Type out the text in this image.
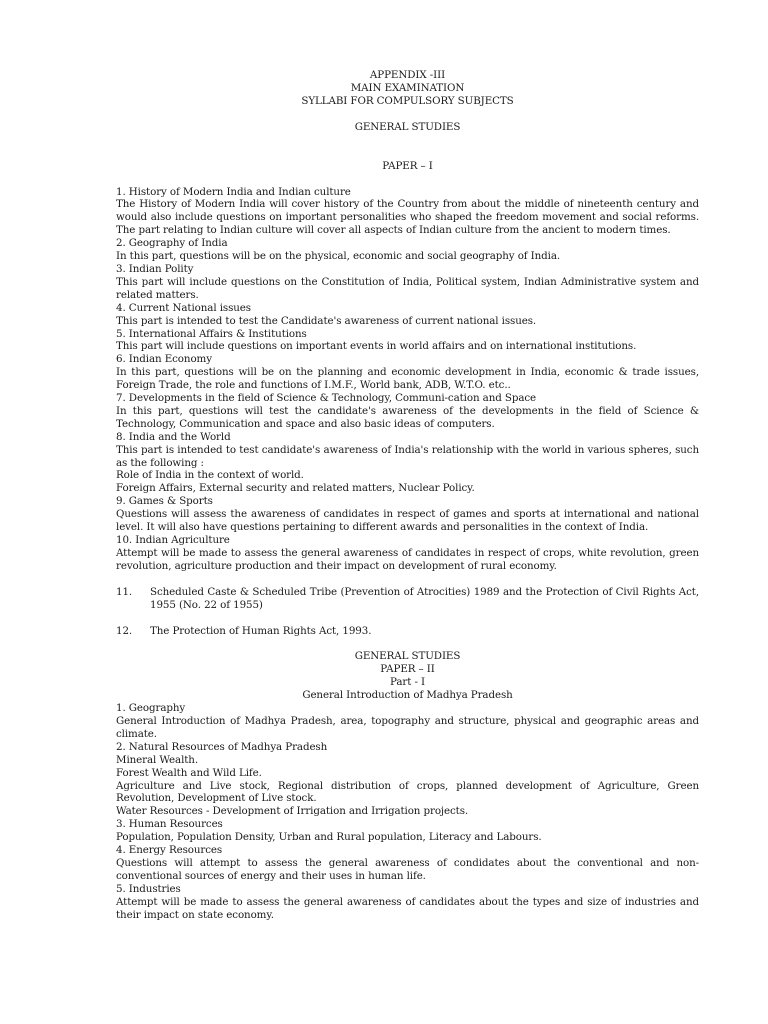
APPENDIX -III

MAIN EXAMINATION

SYLLABI FOR COMPULSORY SUBJECTS

GENERAL STUDIES

PAPER – I

1. History of Modern India and Indian culture

The History of Modern India will cover history of the Country from about the middle of nineteenth century and would also include questions on important personalities who shaped the freedom movement and social reforms. The part relating to Indian culture will cover all aspects of Indian culture from the ancient to modern times.

2. Geography of India

In this part, questions will be on the physical, economic and social geography of India.

3. Indian Polity

This part will include questions on the Constitution of India, Political system, Indian Administrative system and related matters.

4. Current National issues

This part is intended to test the Candidate's awareness of current national issues.

5. International Affairs & Institutions

This part will include questions on important events in world affairs and on international institutions.

6. Indian Economy

In this part, questions will be on the planning and economic development in India, economic & trade issues, Foreign Trade, the role and functions of I.M.F., World bank, ADB, W.T.O. etc..

7. Developments in the field of Science & Technology, Communi-cation and Space

In this part, questions will test the candidate's awareness of the developments in the field of Science & Technology, Communication and space and also basic ideas of computers.

8. India and the World

This part is intended to test candidate's awareness of India's relationship with the world in various spheres, such as the following :

Role of India in the context of world.

Foreign Affairs, External security and related matters, Nuclear Policy.

9. Games & Sports

Questions will assess the awareness of candidates in respect of games and sports at international and national level. It will also have questions pertaining to different awards and personalities in the context of India.

10. Indian Agriculture

Attempt will be made to assess the general awareness of candidates in respect of crops, white revolution, green revolution, agriculture production and their impact on development of rural economy.

11.	Scheduled Caste & Scheduled Tribe (Prevention of Atrocities) 1989 and the Protection of Civil Rights Act, 1955 (No. 22 of 1955)
12.	The Protection of Human Rights Act, 1993.

GENERAL STUDIES

PAPER – II

Part - I

General Introduction of Madhya Pradesh

1. Geography

General Introduction of Madhya Pradesh, area, topography and structure, physical and geographic areas and climate.

2. Natural Resources of Madhya Pradesh

Mineral Wealth.

Forest Wealth and Wild Life.

Agriculture and Live stock, Regional distribution of crops, planned development of Agriculture, Green Revolution, Development of Live stock.

Water Resources - Development of Irrigation and Irrigation projects.

3. Human Resources

Population, Population Density, Urban and Rural population, Literacy and Labours.

4. Energy Resources

Questions will attempt to assess the general awareness of condidates about the conventional and non-conventional sources of energy and their uses in human life.

5. Industries

Attempt will be made to assess the general awareness of candidates about the types and size of industries and their impact on state economy.
